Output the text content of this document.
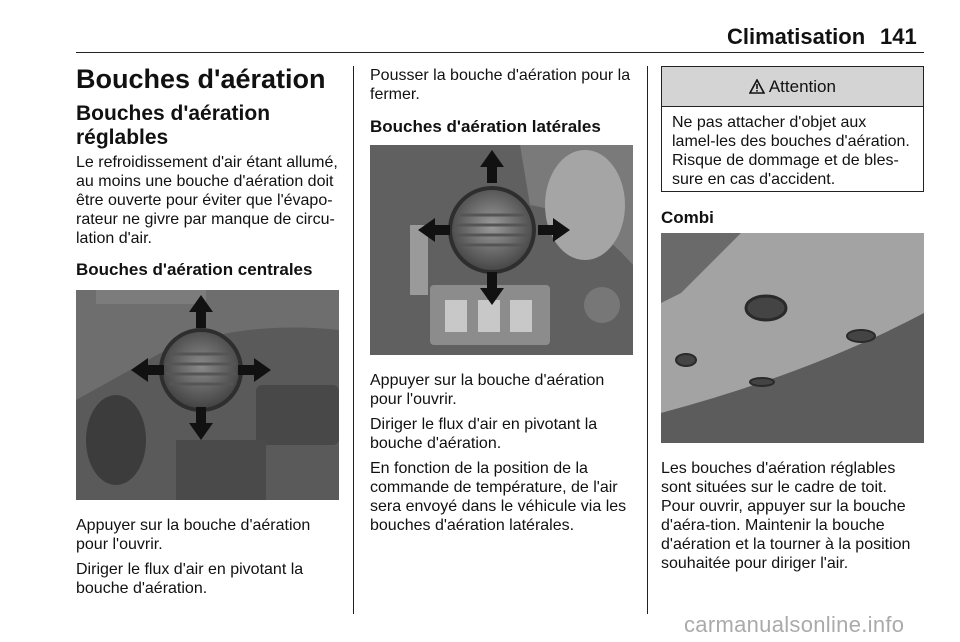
Climatisation 141
Bouches d'aération
Bouches d'aération réglables

Le refroidissement d'air étant allumé, au moins une bouche d'aération doit être ouverte pour éviter que l'évapo-rateur ne givre par manque de circu-lation d'air.

Bouches d'aération centrales

Appuyer sur la bouche d'aération pour l'ouvrir.

Diriger le flux d'air en pivotant la bouche d'aération.

Pousser la bouche d'aération pour la fermer.

Bouches d'aération latérales

Appuyer sur la bouche d'aération pour l'ouvrir.

Diriger le flux d'air en pivotant la bouche d'aération.

En fonction de la position de la commande de température, de l'air sera envoyé dans le véhicule via les bouches d'aération latérales.

Attention
Ne pas attacher d'objet aux lamel-les des bouches d'aération. Risque de dommage et de bles-sure en cas d'accident.
Combi

Les bouches d'aération réglables sont situées sur le cadre de toit. Pour ouvrir, appuyer sur la bouche d'aéra-tion. Maintenir la bouche d'aération et la tourner à la position souhaitée pour diriger l'air.

carmanualsonline.info
